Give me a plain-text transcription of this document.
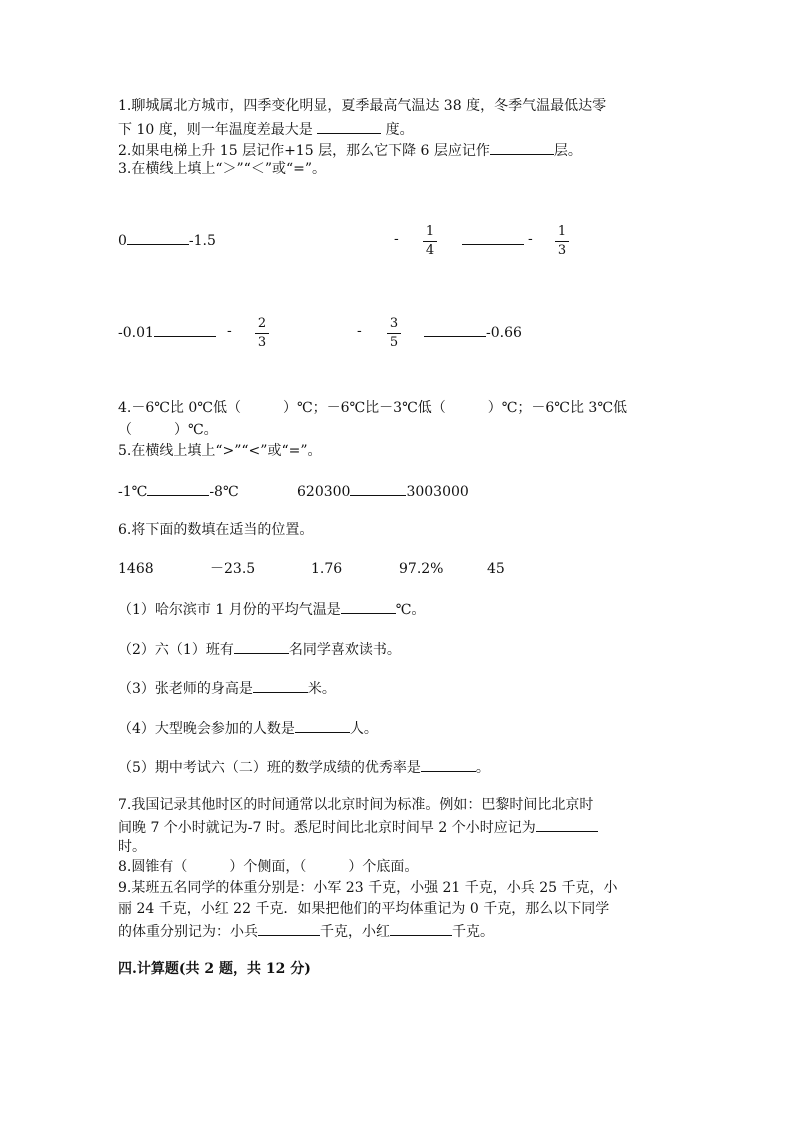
1.聊城属北方城市，四季变化明显，夏季最高气温达 38 度，冬季气温最低达零
下 10 度，则一年温度差最大是	度。
2.如果电梯上升 15 层记作+15 层，那么它下降 6 层应记作	层。
3.在横线上填上“＞”“＜”或“=”。
0	-1.5	- $\frac{1}{4}$	- $\frac{1}{3}$
-0.01	- $\frac{2}{3}$	- $\frac{3}{5}$	-0.66
4.－6℃比 0℃低（　　　）℃；－6℃比－3℃低（　　　）℃；－6℃比 3℃低
（　　　）℃。
5.在横线上填上“>”“<”或“=”。
-1℃	-8℃	620300	3003000
6.将下面的数填在适当的位置。
1468	－23.5	1.76	97.2%	45
（1）哈尔滨市 1 月份的平均气温是	℃。
（2）六（1）班有	名同学喜欢读书。
（3）张老师的身高是	米。
（4）大型晚会参加的人数是	人。
（5）期中考试六（二）班的数学成绩的优秀率是	。
7.我国记录其他时区的时间通常以北京时间为标准。例如：巴黎时间比北京时
间晚 7 个小时就记为-7 时。悉尼时间比北京时间早 2 个小时应记为
时。
8.圆锥有（　　　）个侧面，（　　　）个底面。
9.某班五名同学的体重分别是：小军 23 千克，小强 21 千克，小兵 25 千克，小
丽 24 千克，小红 22 千克．如果把他们的平均体重记为 0 千克，那么以下同学
的体重分别记为：小兵	千克，小红	千克。
四.计算题(共 2 题，共 12 分)
